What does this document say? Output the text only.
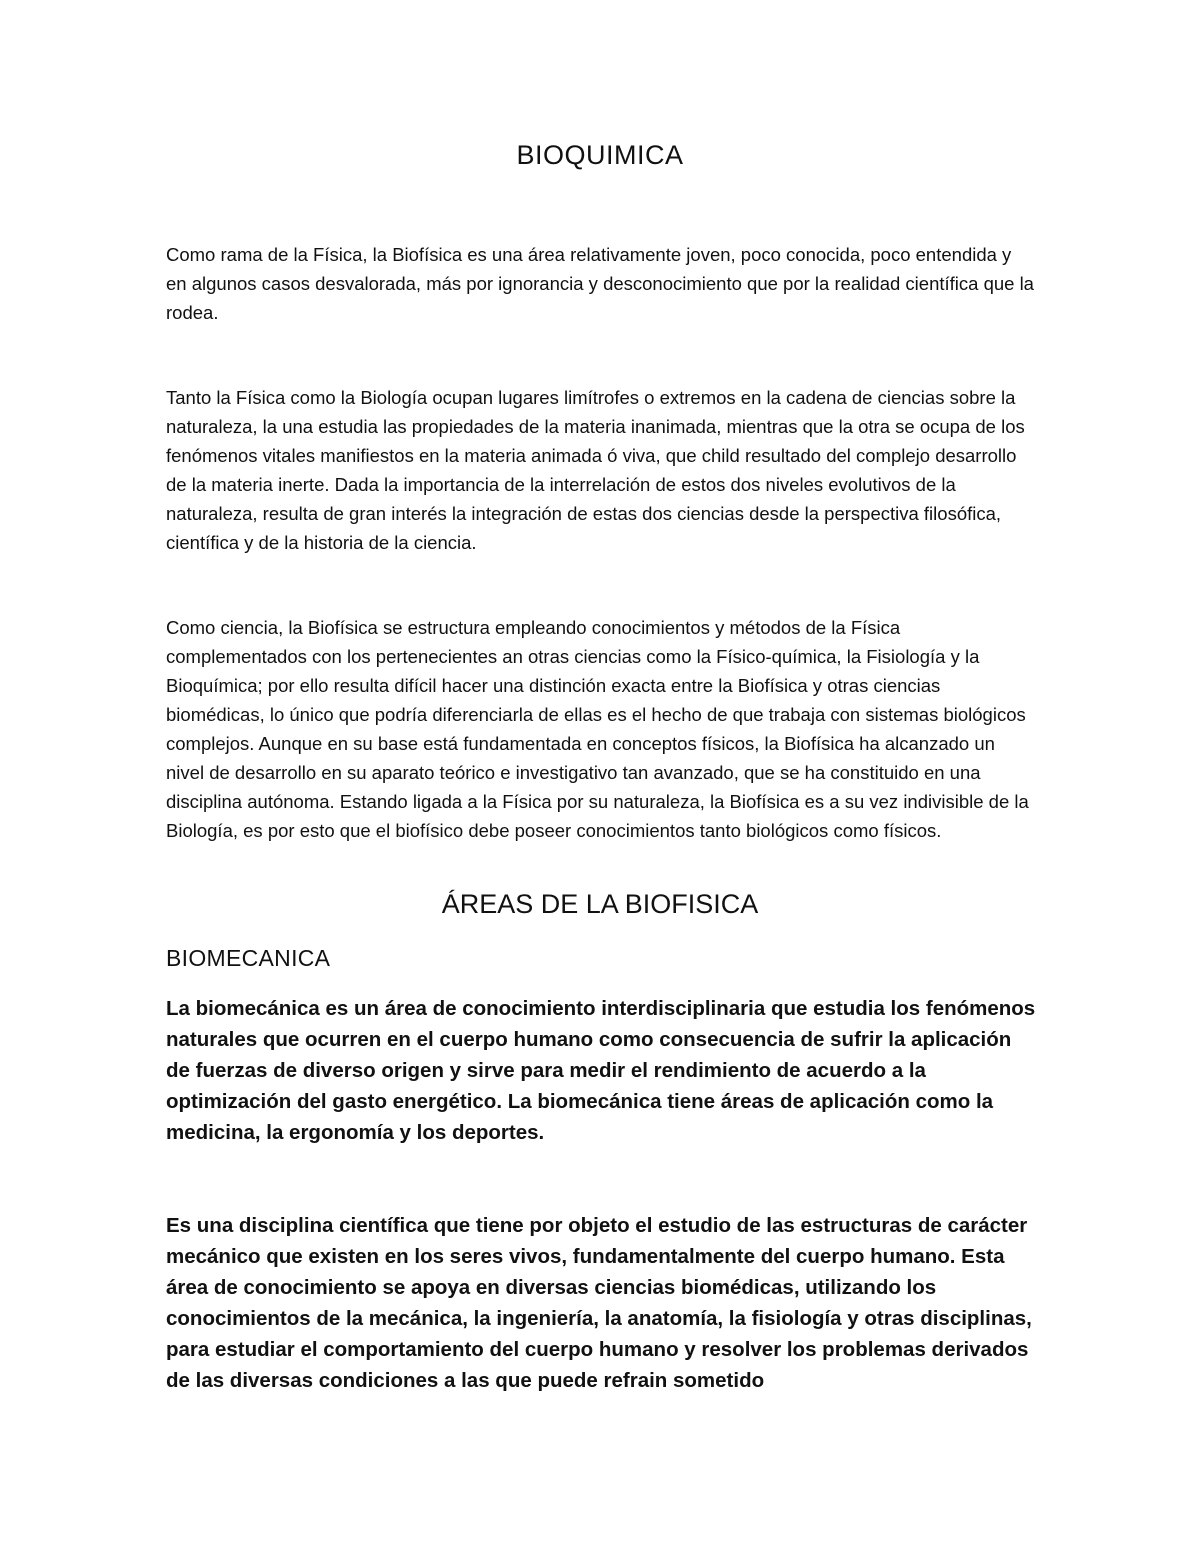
BIOQUIMICA

Como rama de la Física, la Biofísica es una área relativamente joven, poco conocida, poco entendida y en algunos casos desvalorada, más por ignorancia y desconocimiento que por la realidad científica que la rodea.

Tanto la Física como la Biología ocupan lugares limítrofes o extremos en la cadena de ciencias sobre la naturaleza, la una estudia las propiedades de la materia inanimada, mientras que la otra se ocupa de los fenómenos vitales manifiestos en la materia animada ó viva, que child resultado del complejo desarrollo de la materia inerte. Dada la importancia de la interrelación de estos dos niveles evolutivos de la naturaleza, resulta de gran interés la integración de estas dos ciencias desde la perspectiva filosófica, científica y de la historia de la ciencia.

Como ciencia, la Biofísica se estructura empleando conocimientos y métodos de la Física complementados con los pertenecientes an otras ciencias como la Físico-química, la Fisiología y la Bioquímica; por ello resulta difícil hacer una distinción exacta entre la Biofísica y otras ciencias biomédicas, lo único que podría diferenciarla de ellas es el hecho de que trabaja con sistemas biológicos complejos. Aunque en su base está fundamentada en conceptos físicos, la Biofísica ha alcanzado un nivel de desarrollo en su aparato teórico e investigativo tan avanzado, que se ha constituido en una disciplina autónoma. Estando ligada a la Física por su naturaleza, la Biofísica es a su vez indivisible de la Biología, es por esto que el biofísico debe poseer conocimientos tanto biológicos como físicos.

ÁREAS DE LA BIOFISICA
BIOMECANICA

La biomecánica es un área de conocimiento interdisciplinaria que estudia los fenómenos naturales que ocurren en el cuerpo humano como consecuencia de sufrir la aplicación de fuerzas de diverso origen y sirve para medir el rendimiento de acuerdo a la optimización del gasto energético. La biomecánica tiene áreas de aplicación como la medicina, la ergonomía y los deportes.

Es una disciplina científica que tiene por objeto el estudio de las estructuras de carácter mecánico que existen en los seres vivos, fundamentalmente del cuerpo humano. Esta área de conocimiento se apoya en diversas ciencias biomédicas, utilizando los conocimientos de la mecánica, la ingeniería, la anatomía, la fisiología y otras disciplinas, para estudiar el comportamiento del cuerpo humano y resolver los problemas derivados de las diversas condiciones a las que puede refrain sometido
